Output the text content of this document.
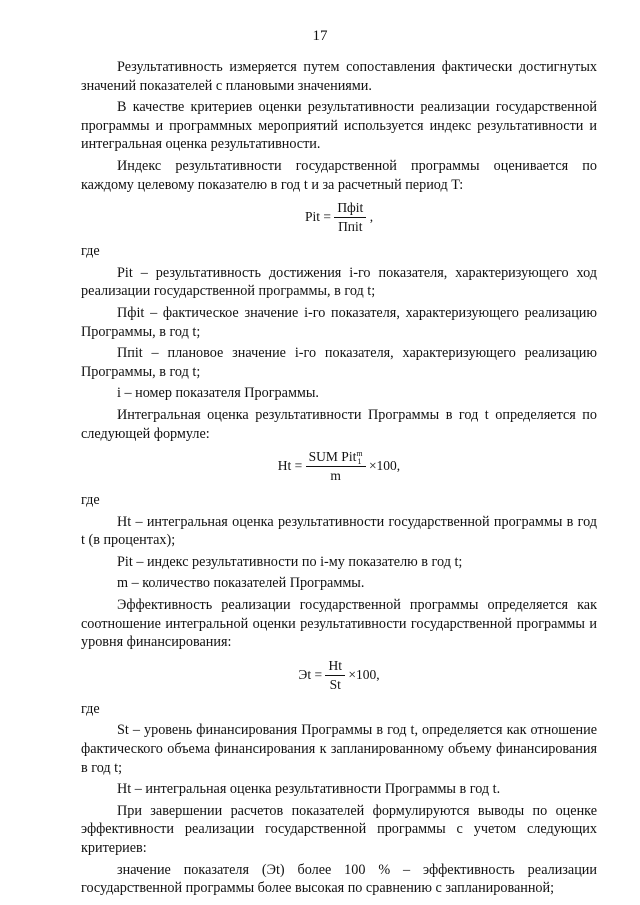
17

Результативность измеряется путем сопоставления фактически достигнутых значений показателей с плановыми значениями.

В качестве критериев оценки результативности реализации государственной программы и программных мероприятий используется индекс результативности и интегральная оценка результативности.

Индекс результативности государственной программы оценивается по каждому целевому показателю в год t и за расчетный период T:

Pit = $\frac{\text{Пфit}}{\text{Ппit}}$ ,

где

Pit – результативность достижения i-го показателя, характеризующего ход реализации государственной программы, в год t;

Пфit – фактическое значение i-го показателя, характеризующего реализацию Программы, в год t;

Ппit – плановое значение i-го показателя, характеризующего реализацию Программы, в год t;

i – номер показателя Программы.

Интегральная оценка результативности Программы в год t определяется по следующей формуле:

Ht = SUM Pit m
1
m ×100,

где

Ht – интегральная оценка результативности государственной программы в год t (в процентах);

Pit – индекс результативности по i-му показателю в год t;

m – количество показателей Программы.

Эффективность реализации государственной программы определяется как соотношение интегральной оценки результативности государственной программы и уровня финансирования:

Эt = $\frac{Ht}{St} \times 100$,

где

St – уровень финансирования Программы в год t, определяется как отношение фактического объема финансирования к запланированному объему финансирования в год t;

Ht – интегральная оценка результативности Программы в год t.

При завершении расчетов показателей формулируются выводы по оценке эффективности реализации государственной программы с учетом следующих критериев:

значение показателя (Эt) более 100 % – эффективность реализации государственной программы более высокая по сравнению с запланированной;
